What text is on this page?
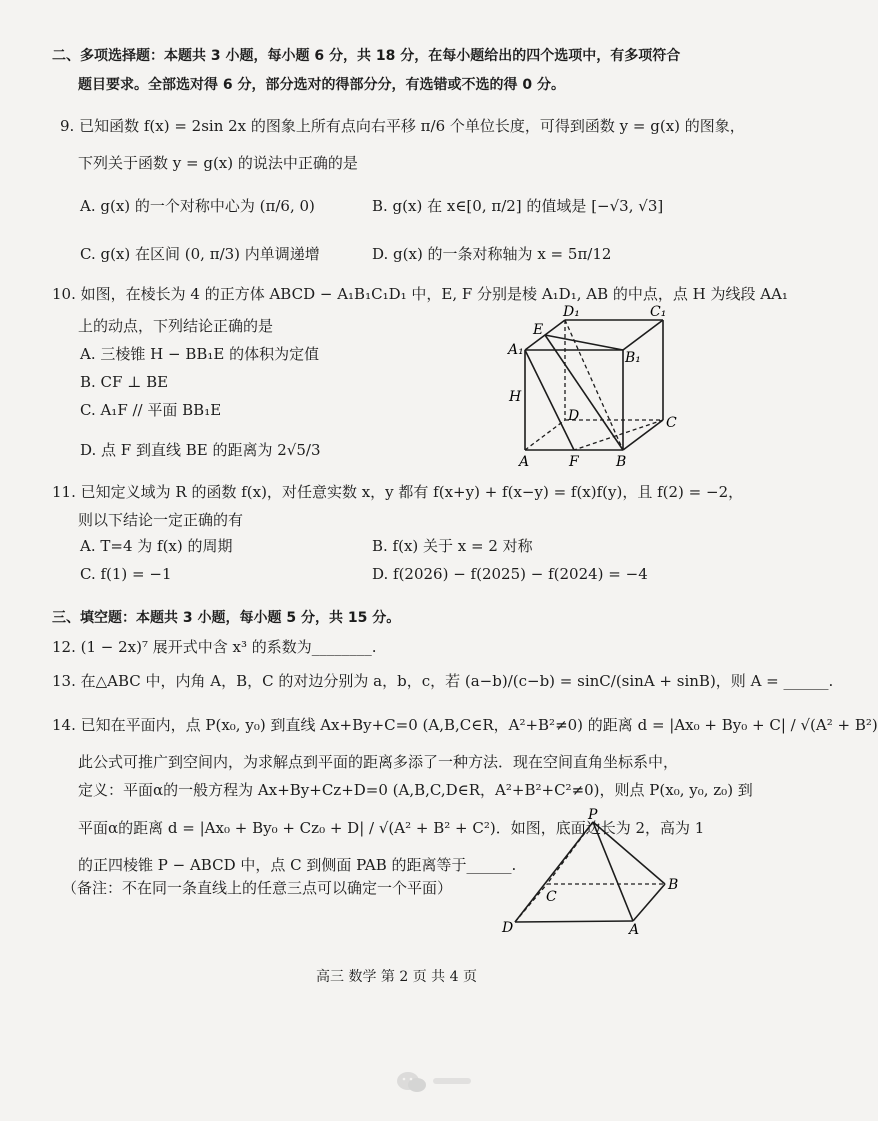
二、多项选择题：本题共 3 小题，每小题 6 分，共 18 分，在每小题给出的四个选项中，有多项符合
题目要求。全部选对得 6 分，部分选对的得部分分，有选错或不选的得 0 分。
9. 已知函数 f(x) = 2sin 2x 的图象上所有点向右平移 π/6 个单位长度，可得到函数 y = g(x) 的图象，
下列关于函数 y = g(x) 的说法中正确的是
A. g(x) 的一个对称中心为 (π/6, 0)	B. g(x) 在 x∈[0, π/2] 的值域是 [−√3, √3]
C. g(x) 在区间 (0, π/3) 内单调递增	D. g(x) 的一条对称轴为 x = 5π/12
10. 如图，在棱长为 4 的正方体 ABCD − A₁B₁C₁D₁ 中，E, F 分别是棱 A₁D₁, AB 的中点，点 H 为线段 AA₁
上的动点，下列结论正确的是
A. 三棱锥 H − BB₁E 的体积为定值
B. CF ⊥ BE
C. A₁F // 平面 BB₁E
D. 点 F 到直线 BE 的距离为 2√5/3
D₁	C₁
E
A₁	B₁
H
D	C
A	F	B
11. 已知定义域为 R 的函数 f(x)，对任意实数 x，y 都有 f(x+y) + f(x−y) = f(x)f(y)，且 f(2) = −2，
则以下结论一定正确的有
A. T=4 为 f(x) 的周期	B. f(x) 关于 x = 2 对称
C. f(1) = −1	D. f(2026) − f(2025) − f(2024) = −4
三、填空题：本题共 3 小题，每小题 5 分，共 15 分。
12. (1 − 2x)⁷ 展开式中含 x³ 的系数为________.
13. 在△ABC 中，内角 A，B，C 的对边分别为 a，b，c，若 (a−b)/(c−b) = sinC/(sinA + sinB)，则 A = ______.
14. 已知在平面内，点 P(x₀, y₀) 到直线 Ax+By+C=0 (A,B,C∈R，A²+B²≠0) 的距离 d = |Ax₀ + By₀ + C| / √(A² + B²)
此公式可推广到空间内，为求解点到平面的距离多添了一种方法．现在空间直角坐标系中，
定义：平面α的一般方程为 Ax+By+Cz+D=0 (A,B,C,D∈R，A²+B²+C²≠0)，则点 P(x₀, y₀, z₀) 到
平面α的距离 d = |Ax₀ + By₀ + Cz₀ + D| / √(A² + B² + C²)．如图，底面边长为 2，高为 1
的正四棱锥 P − ABCD 中，点 C 到侧面 PAB 的距离等于______.
（备注：不在同一条直线上的任意三点可以确定一个平面）
P
B
C
D	A
高三 数学 第 2 页 共 4 页
